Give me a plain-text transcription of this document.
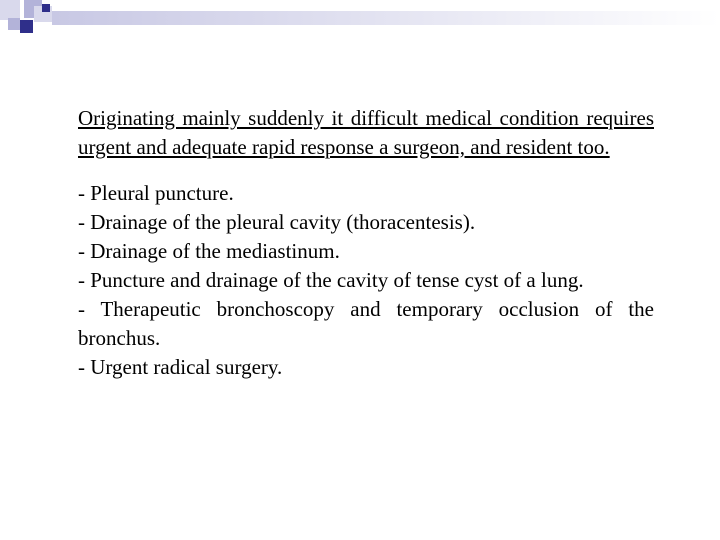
Originating mainly suddenly it difficult medical condition requires urgent and adequate rapid response a surgeon, and resident too.

- Pleural puncture.
- Drainage of the pleural cavity (thoracentesis).
- Drainage of the mediastinum.
- Puncture and drainage of the cavity of tense cyst of a lung.
- Therapeutic bronchoscopy and temporary occlusion of the bronchus.
- Urgent radical surgery.
